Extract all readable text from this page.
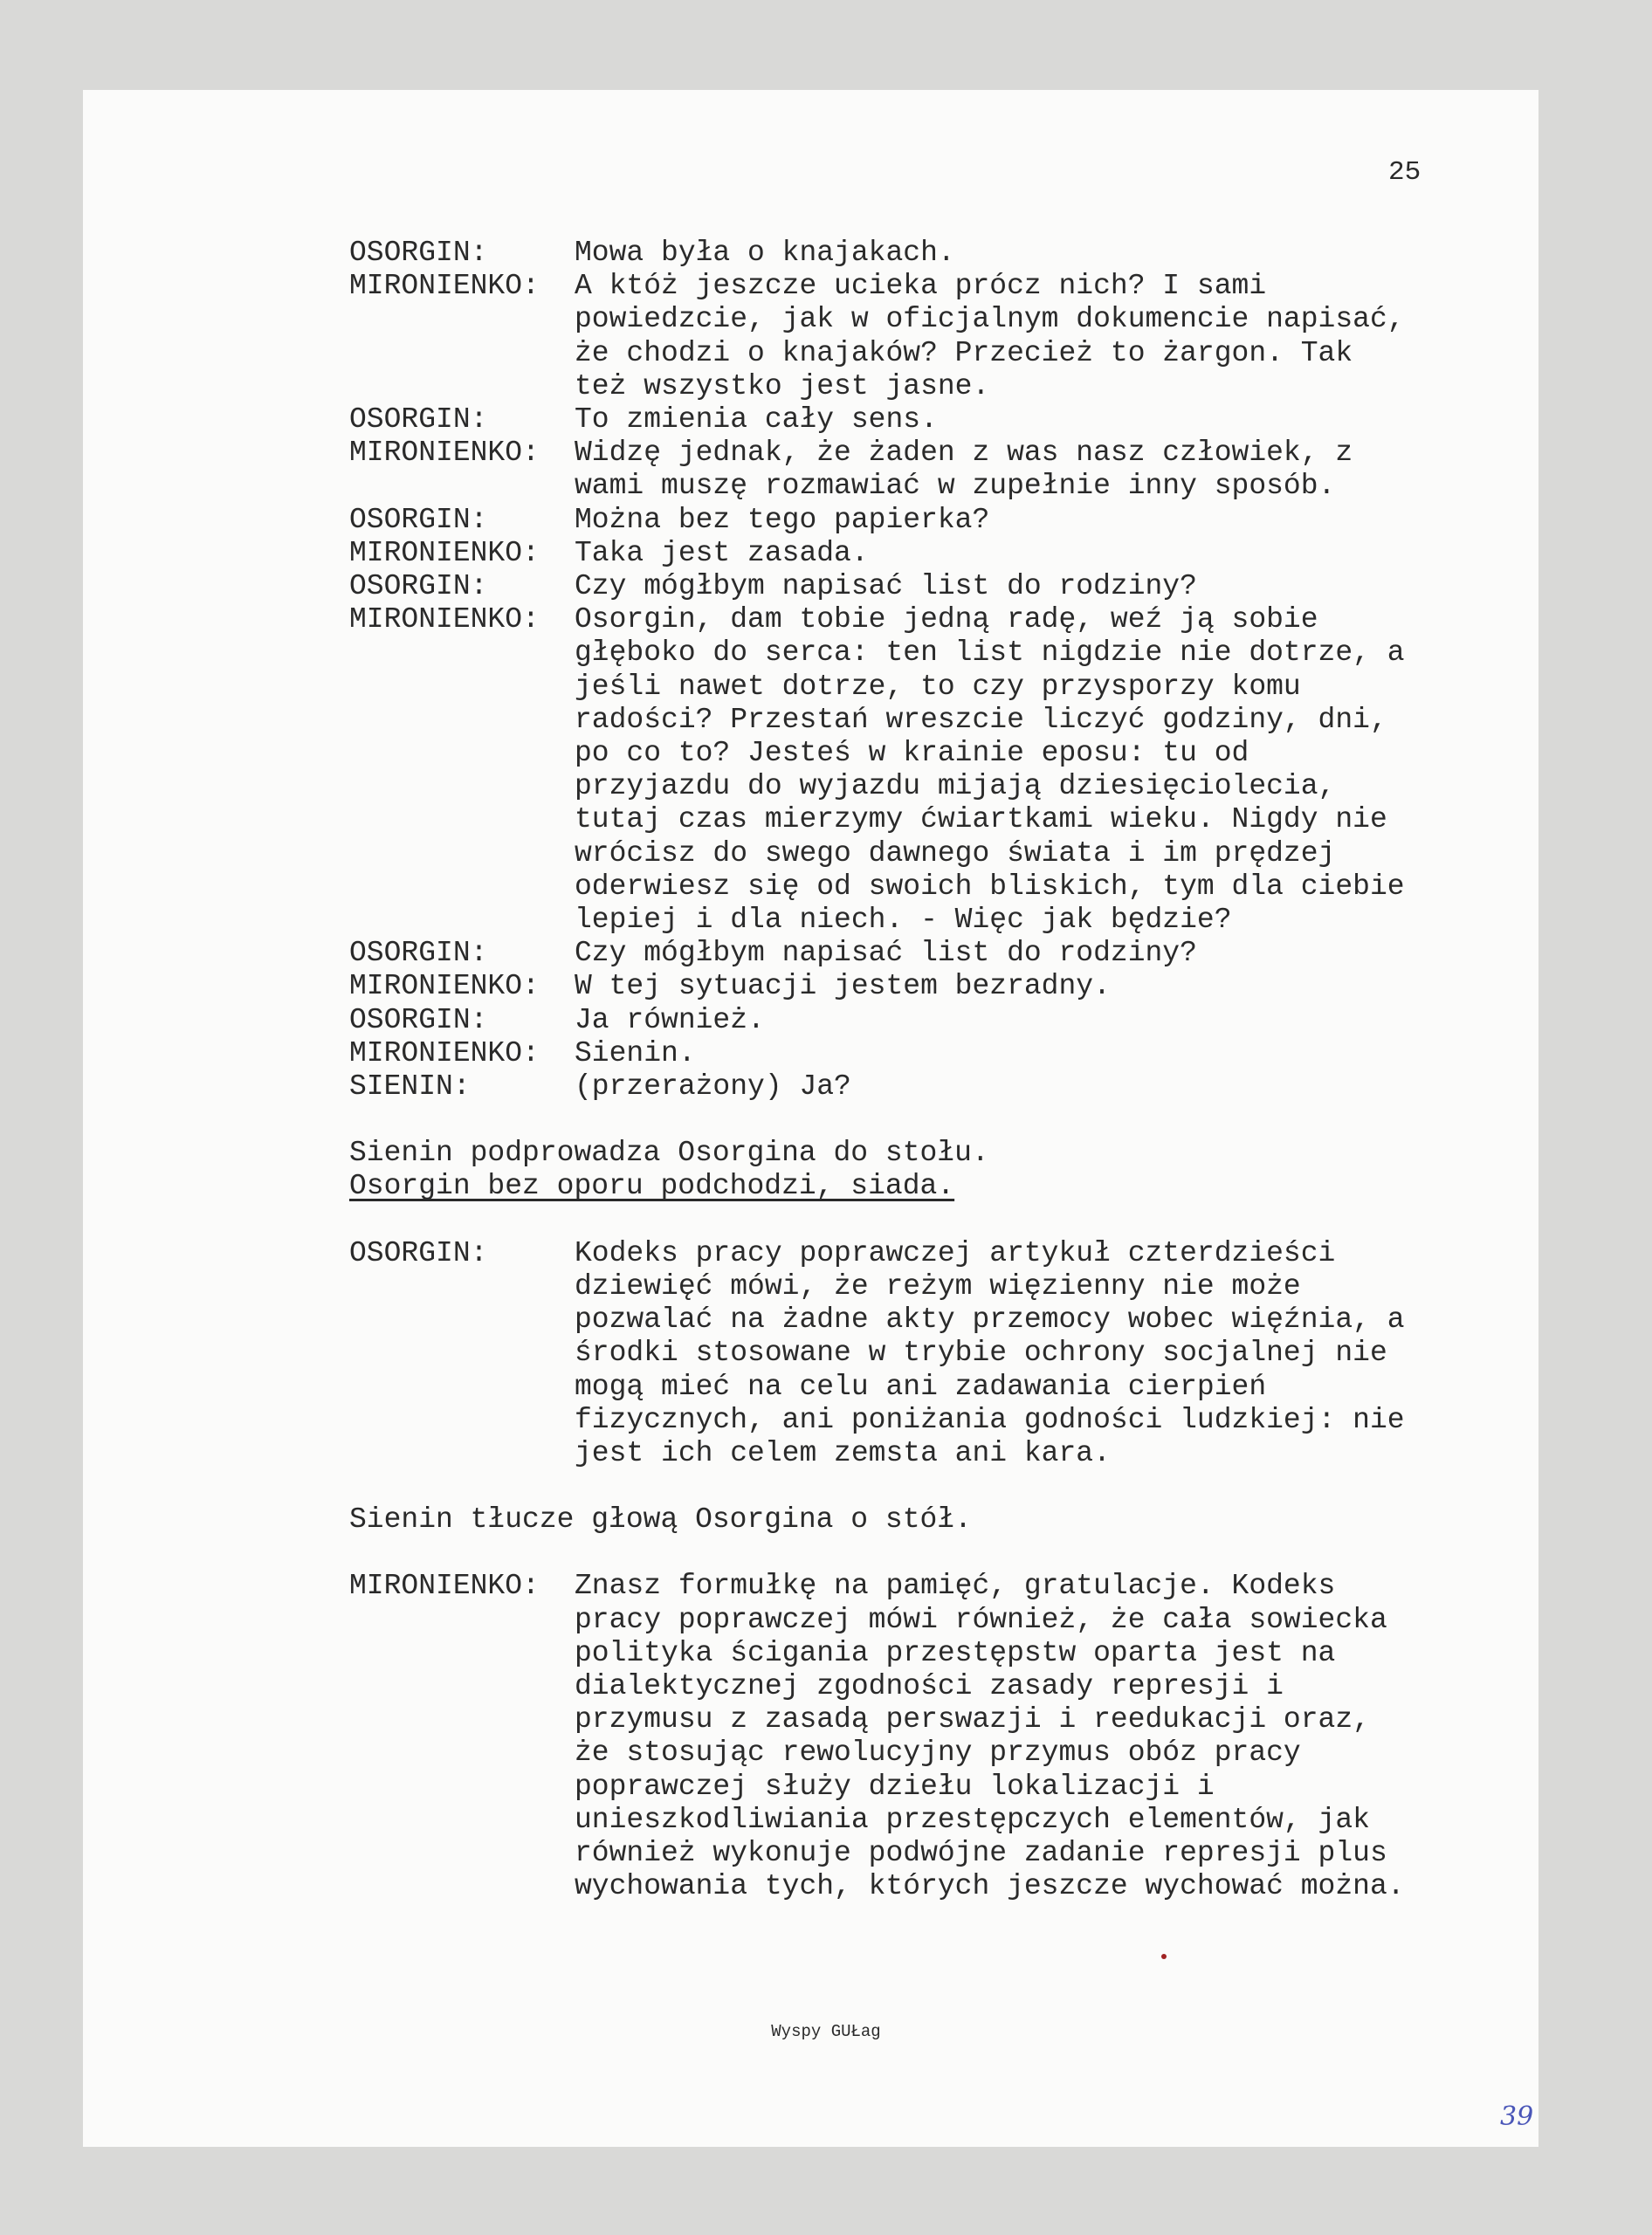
25
OSORGIN:	Mowa była o knajakach.
MIRONIENKO:	A któż jeszcze ucieka prócz nich? I sami
powiedzcie, jak w oficjalnym dokumencie napisać,
że chodzi o knajaków? Przecież to żargon. Tak
też wszystko jest jasne.
OSORGIN:	To zmienia cały sens.
MIRONIENKO:	Widzę jednak, że żaden z was nasz człowiek, z
wami muszę rozmawiać w zupełnie inny sposób.
OSORGIN:	Można bez tego papierka?
MIRONIENKO:	Taka jest zasada.
OSORGIN:	Czy mógłbym napisać list do rodziny?
MIRONIENKO:	Osorgin, dam tobie jedną radę, weź ją sobie
głęboko do serca: ten list nigdzie nie dotrze, a
jeśli nawet dotrze, to czy przysporzy komu
radości? Przestań wreszcie liczyć godziny, dni,
po co to? Jesteś w krainie eposu: tu od
przyjazdu do wyjazdu mijają dziesięciolecia,
tutaj czas mierzymy ćwiartkami wieku. Nigdy nie
wrócisz do swego dawnego świata i im prędzej
oderwiesz się od swoich bliskich, tym dla ciebie
lepiej i dla niech. - Więc jak będzie?
OSORGIN:	Czy mógłbym napisać list do rodziny?
MIRONIENKO:	W tej sytuacji jestem bezradny.
OSORGIN:	Ja również.
MIRONIENKO:	Sienin.
SIENIN:	(przerażony) Ja?
Sienin podprowadza Osorgina do stołu.
Osorgin bez oporu podchodzi, siada.
OSORGIN:	Kodeks pracy poprawczej artykuł czterdzieści
dziewięć mówi, że reżym więzienny nie może
pozwalać na żadne akty przemocy wobec więźnia, a
środki stosowane w trybie ochrony socjalnej nie
mogą mieć na celu ani zadawania cierpień
fizycznych, ani poniżania godności ludzkiej: nie
jest ich celem zemsta ani kara.
Sienin tłucze głową Osorgina o stół.
MIRONIENKO:	Znasz formułkę na pamięć, gratulacje. Kodeks
pracy poprawczej mówi również, że cała sowiecka
polityka ścigania przestępstw oparta jest na
dialektycznej zgodności zasady represji i
przymusu z zasadą perswazji i reedukacji oraz,
że stosując rewolucyjny przymus obóz pracy
poprawczej służy dziełu lokalizacji i
unieszkodliwiania przestępczych elementów, jak
również wykonuje podwójne zadanie represji plus
wychowania tych, których jeszcze wychować można.
Wyspy GUŁag
39
